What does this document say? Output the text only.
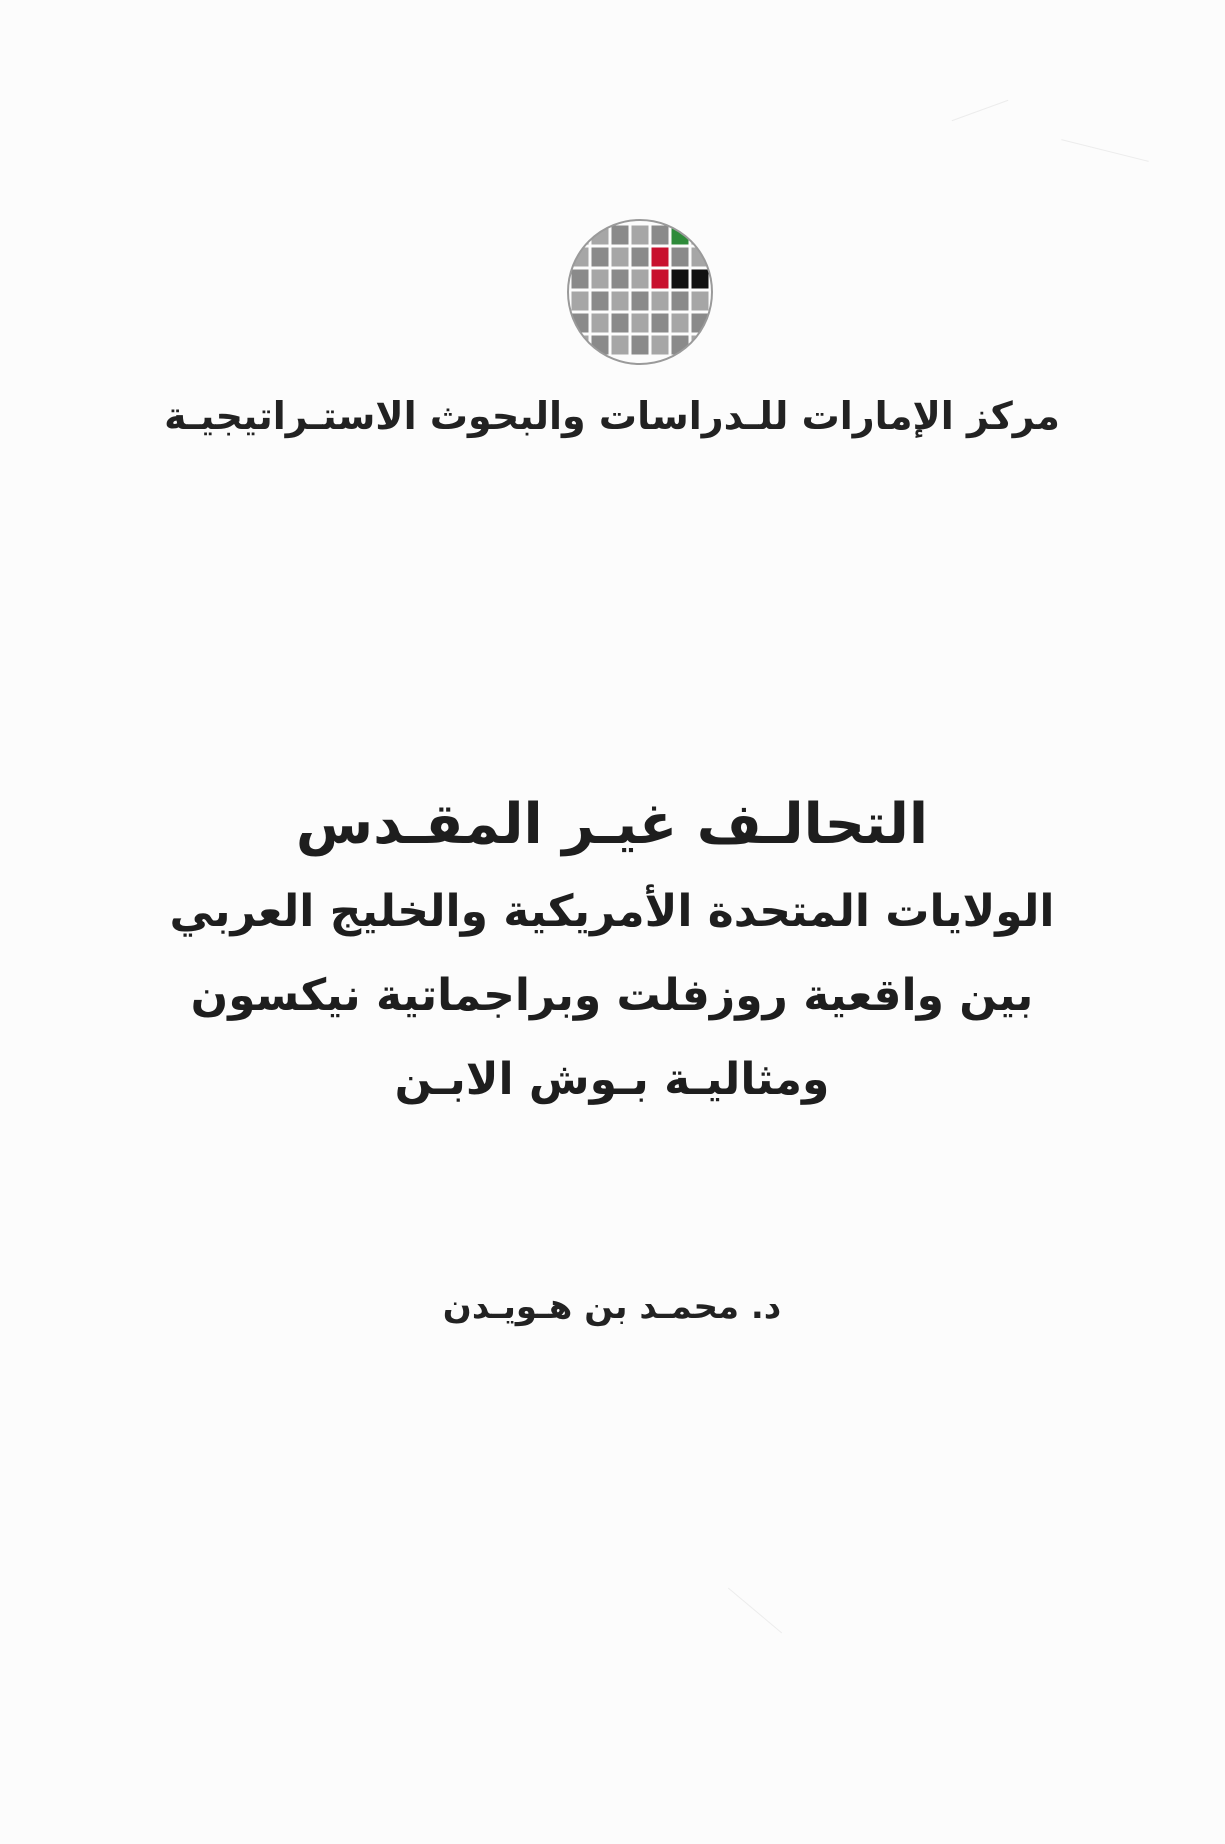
مركز الإمارات للـدراسات والبحوث الاستـراتيجيـة

التحالـف غيـر المقـدس

الولايات المتحدة الأمريكية والخليج العربي

بين واقعية روزفلت وبراجماتية نيكسون

ومثاليـة بـوش الابـن

د. محمـد بن هـويـدن
